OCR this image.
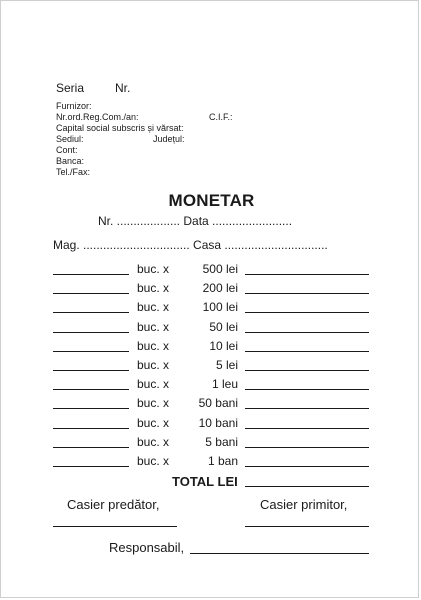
Seria	Nr.
Furnizor:
Nr.ord.Reg.Com./an:	C.I.F.:
Capital social subscris și vărsat:
Sediul:	Județul:
Cont:
Banca:
Tel./Fax:
MONETAR
Nr. ................... Data ........................
Mag. ................................ Casa ...............................
buc. x	500 lei
buc. x	200 lei
buc. x	100 lei
buc. x	50 lei
buc. x	10 lei
buc. x	5 lei
buc. x	1 leu
buc. x 50 bani
buc. x 10 bani
buc. x	5 bani
buc. x	1 ban
TOTAL LEI
Casier predător,	Casier primitor,
Responsabil,
